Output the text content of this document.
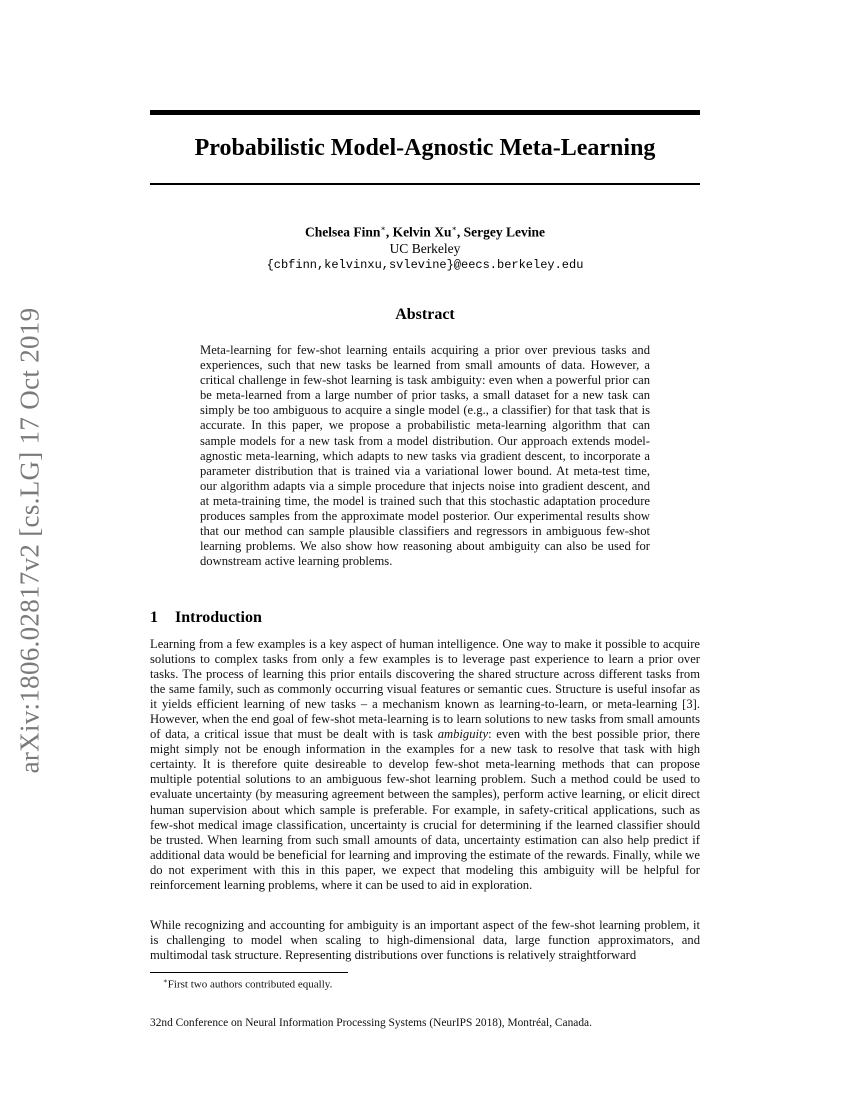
arXiv:1806.02817v2 [cs.LG] 17 Oct 2019
Probabilistic Model-Agnostic Meta-Learning
Chelsea Finn∗, Kelvin Xu∗, Sergey Levine
UC Berkeley
{cbfinn,kelvinxu,svlevine}@eecs.berkeley.edu
Abstract
Meta-learning for few-shot learning entails acquiring a prior over previous tasks and experiences, such that new tasks be learned from small amounts of data. However, a critical challenge in few-shot learning is task ambiguity: even when a powerful prior can be meta-learned from a large number of prior tasks, a small dataset for a new task can simply be too ambiguous to acquire a single model (e.g., a classifier) for that task that is accurate. In this paper, we propose a probabilistic meta-learning algorithm that can sample models for a new task from a model distribution. Our approach extends model-agnostic meta-learning, which adapts to new tasks via gradient descent, to incorporate a parameter distribution that is trained via a variational lower bound. At meta-test time, our algorithm adapts via a simple procedure that injects noise into gradient descent, and at meta-training time, the model is trained such that this stochastic adaptation procedure produces samples from the approximate model posterior. Our experimental results show that our method can sample plausible classifiers and regressors in ambiguous few-shot learning problems. We also show how reasoning about ambiguity can also be used for downstream active learning problems.
1 Introduction
Learning from a few examples is a key aspect of human intelligence. One way to make it possible to acquire solutions to complex tasks from only a few examples is to leverage past experience to learn a prior over tasks. The process of learning this prior entails discovering the shared structure across different tasks from the same family, such as commonly occurring visual features or semantic cues. Structure is useful insofar as it yields efficient learning of new tasks – a mechanism known as learning-to-learn, or meta-learning [3]. However, when the end goal of few-shot meta-learning is to learn solutions to new tasks from small amounts of data, a critical issue that must be dealt with is task ambiguity: even with the best possible prior, there might simply not be enough information in the examples for a new task to resolve that task with high certainty. It is therefore quite desireable to develop few-shot meta-learning methods that can propose multiple potential solutions to an ambiguous few-shot learning problem. Such a method could be used to evaluate uncertainty (by measuring agreement between the samples), perform active learning, or elicit direct human supervision about which sample is preferable. For example, in safety-critical applications, such as few-shot medical image classification, uncertainty is crucial for determining if the learned classifier should be trusted. When learning from such small amounts of data, uncertainty estimation can also help predict if additional data would be beneficial for learning and improving the estimate of the rewards. Finally, while we do not experiment with this in this paper, we expect that modeling this ambiguity will be helpful for reinforcement learning problems, where it can be used to aid in exploration.
While recognizing and accounting for ambiguity is an important aspect of the few-shot learning problem, it is challenging to model when scaling to high-dimensional data, large function approximators, and multimodal task structure. Representing distributions over functions is relatively straightforward
∗First two authors contributed equally.
32nd Conference on Neural Information Processing Systems (NeurIPS 2018), Montréal, Canada.
